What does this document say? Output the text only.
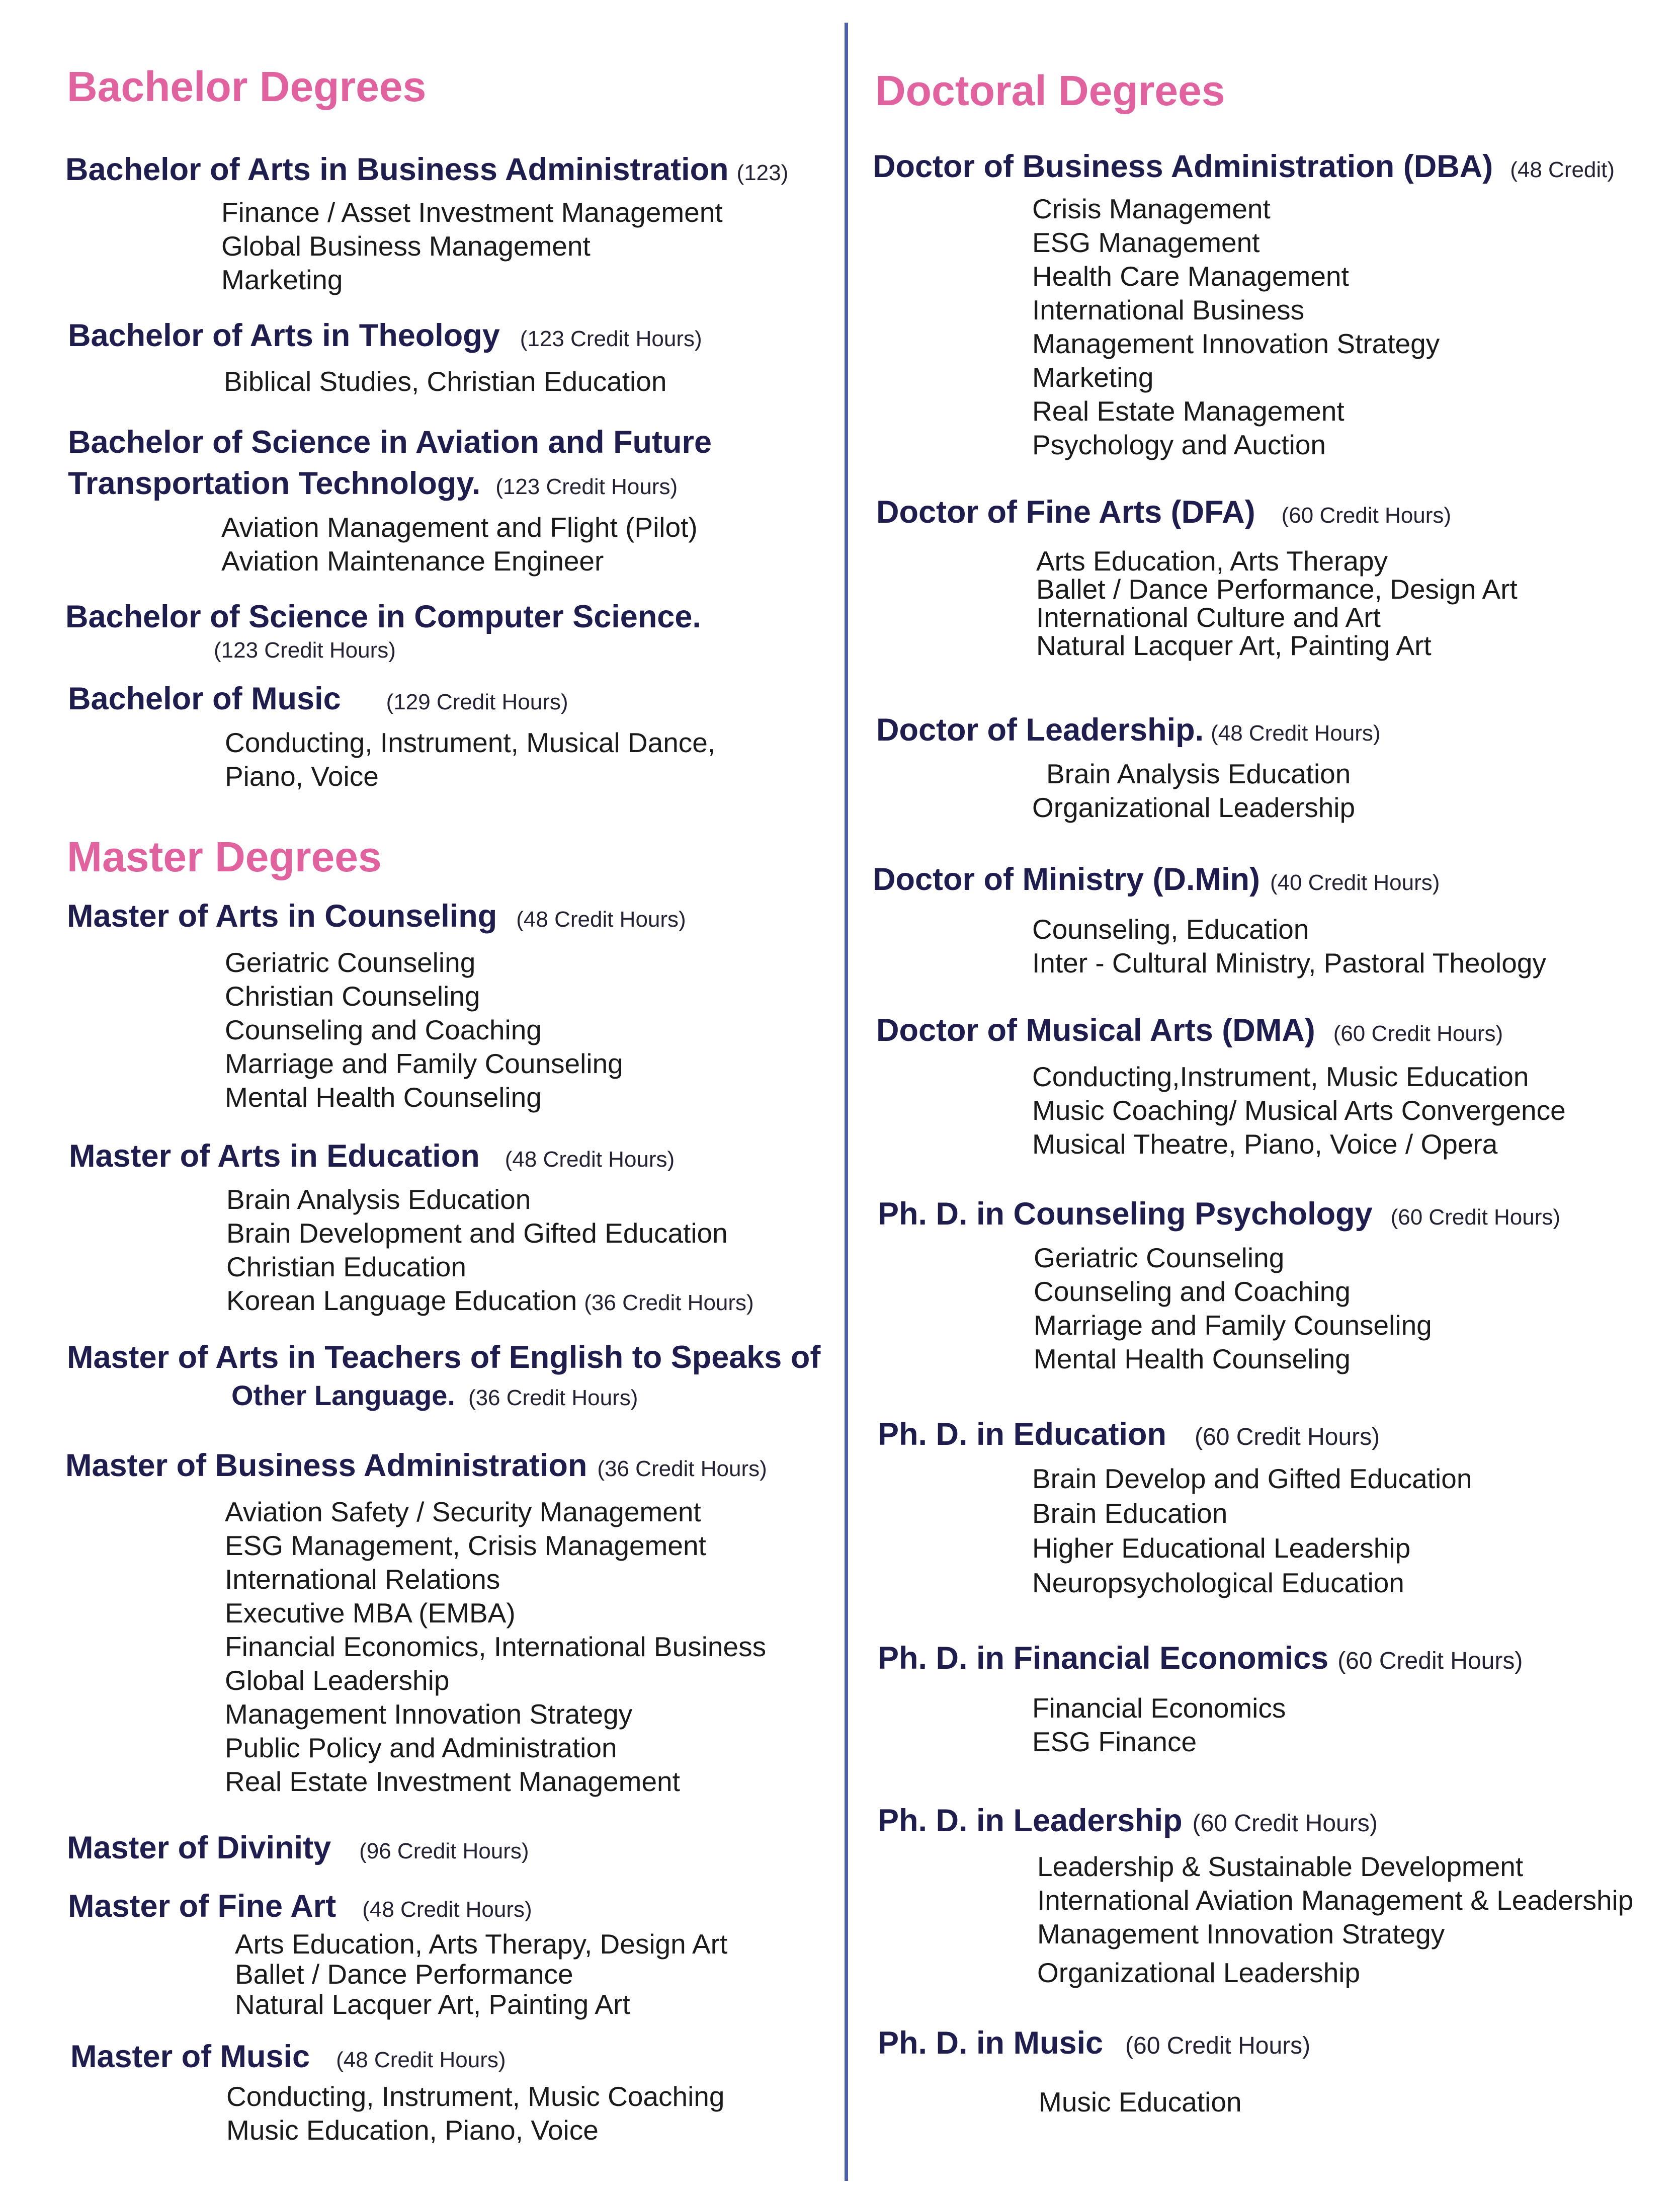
Bachelor Degrees
Bachelor of Arts in Business Administration (123)
Finance / Asset Investment Management
Global Business Management
Marketing
Bachelor of Arts in Theology (123 Credit Hours)
Biblical Studies, Christian Education
Bachelor of Science in Aviation and Future
Transportation Technology. (123 Credit Hours)
Aviation Management and Flight (Pilot)
Aviation Maintenance Engineer
Bachelor of Science in Computer Science.
(123 Credit Hours)
Bachelor of Music (129 Credit Hours)
Conducting, Instrument, Musical Dance,
Piano, Voice
Master Degrees
Master of Arts in Counseling (48 Credit Hours)
Geriatric Counseling
Christian Counseling
Counseling and Coaching
Marriage and Family Counseling
Mental Health Counseling
Master of Arts in Education (48 Credit Hours)
Brain Analysis Education
Brain Development and Gifted Education
Christian Education
Korean Language Education (36 Credit Hours)
Master of Arts in Teachers of English to Speaks of
Other Language. (36 Credit Hours)
Master of Business Administration (36 Credit Hours)
Aviation Safety / Security Management
ESG Management, Crisis Management
International Relations
Executive MBA (EMBA)
Financial Economics, International Business
Global Leadership
Management Innovation Strategy
Public Policy and Administration
Real Estate Investment Management
Master of Divinity (96 Credit Hours)
Master of Fine Art (48 Credit Hours)
Arts Education, Arts Therapy, Design Art
Ballet / Dance Performance
Natural Lacquer Art, Painting Art
Master of Music (48 Credit Hours)
Conducting, Instrument, Music Coaching
Music Education, Piano, Voice
Doctoral Degrees
Doctor of Business Administration (DBA) (48 Credit)
Crisis Management
ESG Management
Health Care Management
International Business
Management Innovation Strategy
Marketing
Real Estate Management
Psychology and Auction
Doctor of Fine Arts (DFA) (60 Credit Hours)
Arts Education, Arts Therapy
Ballet / Dance Performance, Design Art
International Culture and Art
Natural Lacquer Art, Painting Art
Doctor of Leadership. (48 Credit Hours)
Brain Analysis Education
Organizational Leadership
Doctor of Ministry (D.Min) (40 Credit Hours)
Counseling, Education
Inter - Cultural Ministry, Pastoral Theology
Doctor of Musical Arts (DMA) (60 Credit Hours)
Conducting,Instrument, Music Education
Music Coaching/ Musical Arts Convergence
Musical Theatre, Piano, Voice / Opera
Ph. D. in Counseling Psychology (60 Credit Hours)
Geriatric Counseling
Counseling and Coaching
Marriage and Family Counseling
Mental Health Counseling
Ph. D. in Education (60 Credit Hours)
Brain Develop and Gifted Education
Brain Education
Higher Educational Leadership
Neuropsychological Education
Ph. D. in Financial Economics (60 Credit Hours)
Financial Economics
ESG Finance
Ph. D. in Leadership (60 Credit Hours)
Leadership & Sustainable Development
International Aviation Management & Leadership
Management Innovation Strategy
Organizational Leadership
Ph. D. in Music (60 Credit Hours)
Music Education
